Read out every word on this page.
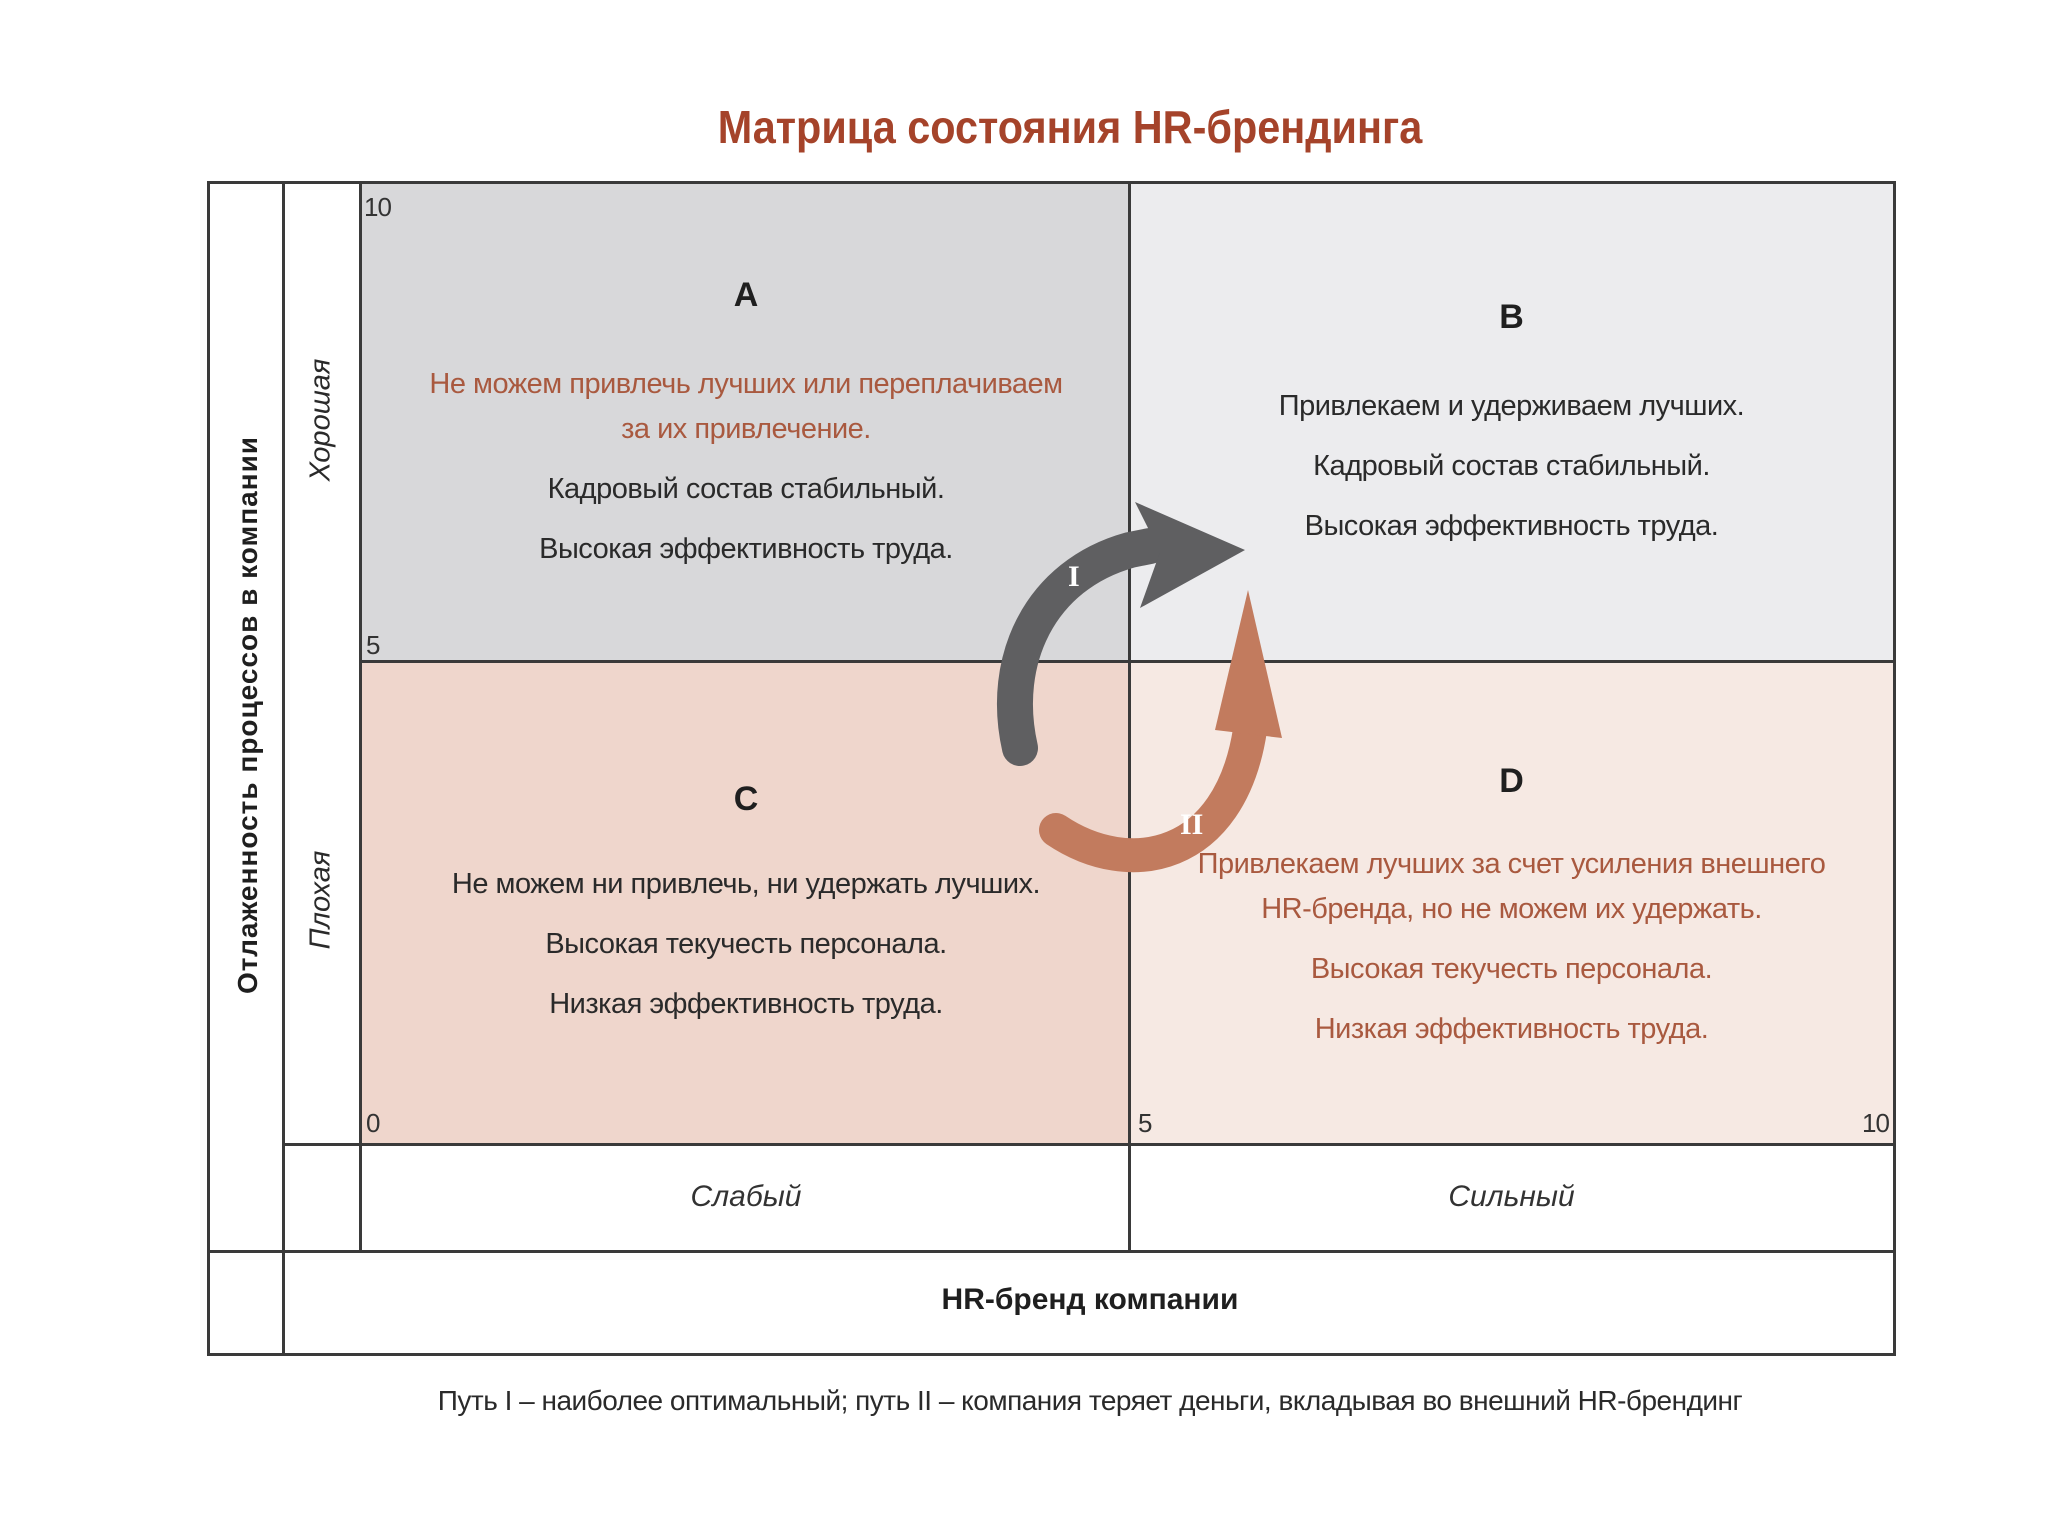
Матрица состояния HR-брендинга
A
Не можем привлечь лучших или переплачиваем
за их привлечение.
Кадровый состав стабильный.
Высокая эффективность труда.
B
Привлекаем и удерживаем лучших.
Кадровый состав стабильный.
Высокая эффективность труда.
C
Не можем ни привлечь, ни удержать лучших.
Высокая текучесть персонала.
Низкая эффективность труда.
D
Привлекаем лучших за счет усиления внешнего
HR-бренда, но не можем их удержать.
Высокая текучесть персонала.
Низкая эффективность труда.
10
5
0	5	10
Отлаженность процессов в компании
Хорошая
Плохая
Слабый	Сильный
HR-бренд компании
I
II
Путь I – наиболее оптимальный; путь II – компания теряет деньги, вкладывая во внешний HR-брендинг
